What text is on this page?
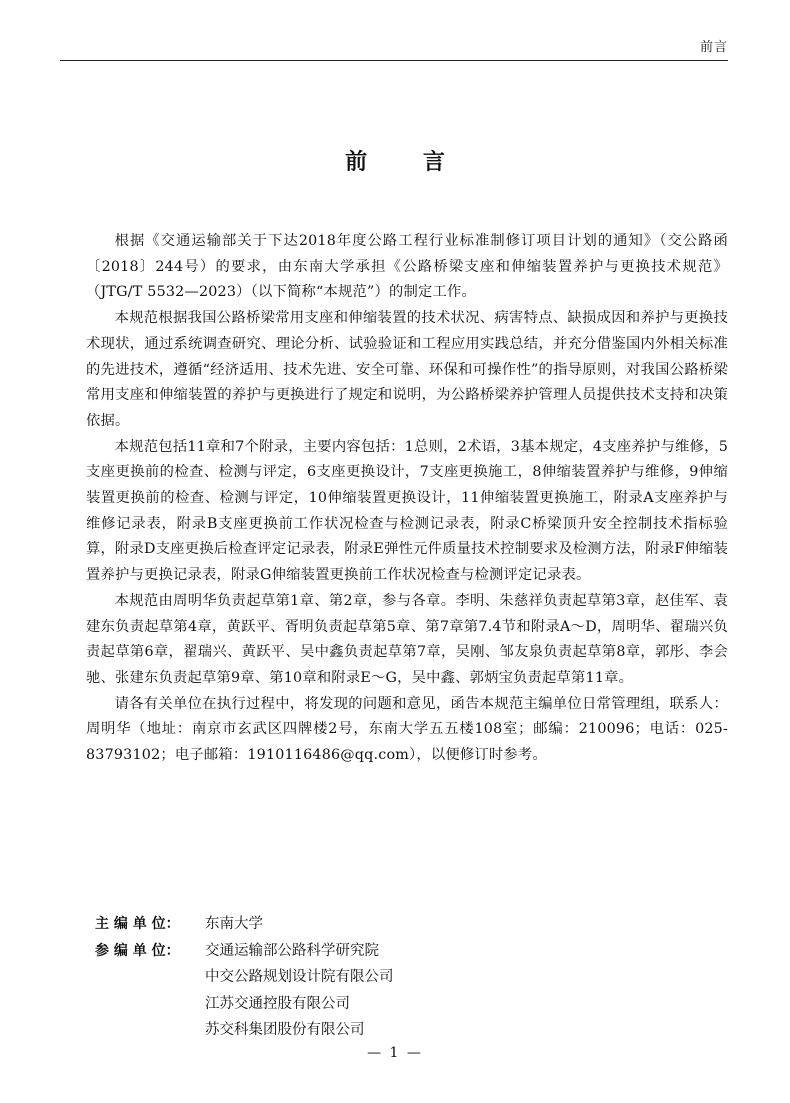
前言
前 言

根据《交通运输部关于下达2018年度公路工程行业标准制修订项目计划的通知》（交公路函〔2018〕244号）的要求，由东南大学承担《公路桥梁支座和伸缩装置养护与更换技术规范》（JTG/T 5532—2023）（以下简称“本规范”）的制定工作。

本规范根据我国公路桥梁常用支座和伸缩装置的技术状况、病害特点、缺损成因和养护与更换技术现状，通过系统调查研究、理论分析、试验验证和工程应用实践总结，并充分借鉴国内外相关标准的先进技术，遵循“经济适用、技术先进、安全可靠、环保和可操作性”的指导原则，对我国公路桥梁常用支座和伸缩装置的养护与更换进行了规定和说明，为公路桥梁养护管理人员提供技术支持和决策依据。

本规范包括11章和7个附录，主要内容包括：1总则，2术语，3基本规定，4支座养护与维修，5支座更换前的检查、检测与评定，6支座更换设计，7支座更换施工，8伸缩装置养护与维修，9伸缩装置更换前的检查、检测与评定，10伸缩装置更换设计，11伸缩装置更换施工，附录A支座养护与维修记录表，附录B支座更换前工作状况检查与检测记录表，附录C桥梁顶升安全控制技术指标验算，附录D支座更换后检查评定记录表，附录E弹性元件质量技术控制要求及检测方法，附录F伸缩装置养护与更换记录表，附录G伸缩装置更换前工作状况检查与检测评定记录表。

本规范由周明华负责起草第1章、第2章，参与各章。李明、朱慈祥负责起草第3章，赵佳军、袁建东负责起草第4章，黄跃平、胥明负责起草第5章、第7章第7.4节和附录A～D，周明华、翟瑞兴负责起草第6章，翟瑞兴、黄跃平、吴中鑫负责起草第7章，吴刚、邹友泉负责起草第8章，郭彤、李会驰、张建东负责起草第9章、第10章和附录E～G，吴中鑫、郭炳宝负责起草第11章。

请各有关单位在执行过程中，将发现的问题和意见，函告本规范主编单位日常管理组，联系人：周明华（地址：南京市玄武区四牌楼2号，东南大学五五楼108室；邮编：210096；电话：025-83793102；电子邮箱：1910116486@qq.com），以便修订时参考。

主 编 单 位：	东南大学
参 编 单 位：	交通运输部公路科学研究院
中交公路规划设计院有限公司
江苏交通控股有限公司
苏交科集团股份有限公司
— 1 —
